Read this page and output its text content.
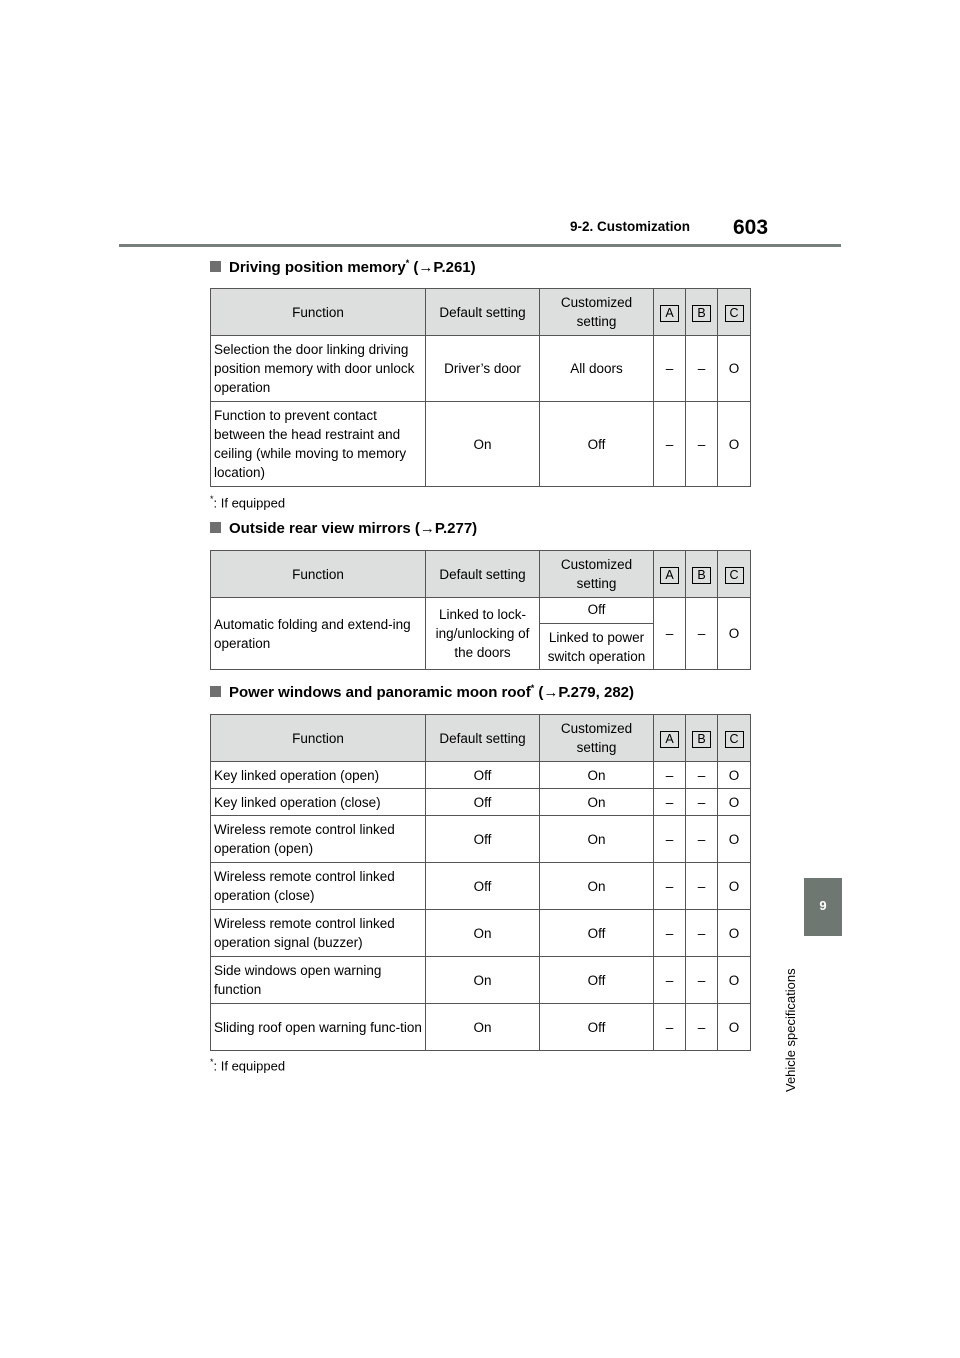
9-2. Customization 603
9
Vehicle specifications
Driving position memory* (→P.261)
Function	Default setting	Customized setting	A	B	C
Selection the door linking driving position memory with door unlock operation	Driver’s door	All doors	–	–	O
Function to prevent contact between the head restraint and ceiling (while moving to memory location)	On	Off	–	–	O
*: If equipped
Outside rear view mirrors (→P.277)
Function	Default setting	Customized setting	A	B	C
Automatic folding and extend-ing operation	Linked to lock-ing/unlocking of the doors	Off	–	–	O
		Linked to power switch operation			
Power windows and panoramic moon roof* (→P.279, 282)
Function	Default setting	Customized setting	A	B	C
Key linked operation (open)	Off	On	–	–	O
Key linked operation (close)	Off	On	–	–	O
Wireless remote control linked operation (open)	Off	On	–	–	O
Wireless remote control linked operation (close)	Off	On	–	–	O
Wireless remote control linked operation signal (buzzer)	On	Off	–	–	O
Side windows open warning function	On	Off	–	–	O
Sliding roof open warning func-tion	On	Off	–	–	O
*: If equipped
